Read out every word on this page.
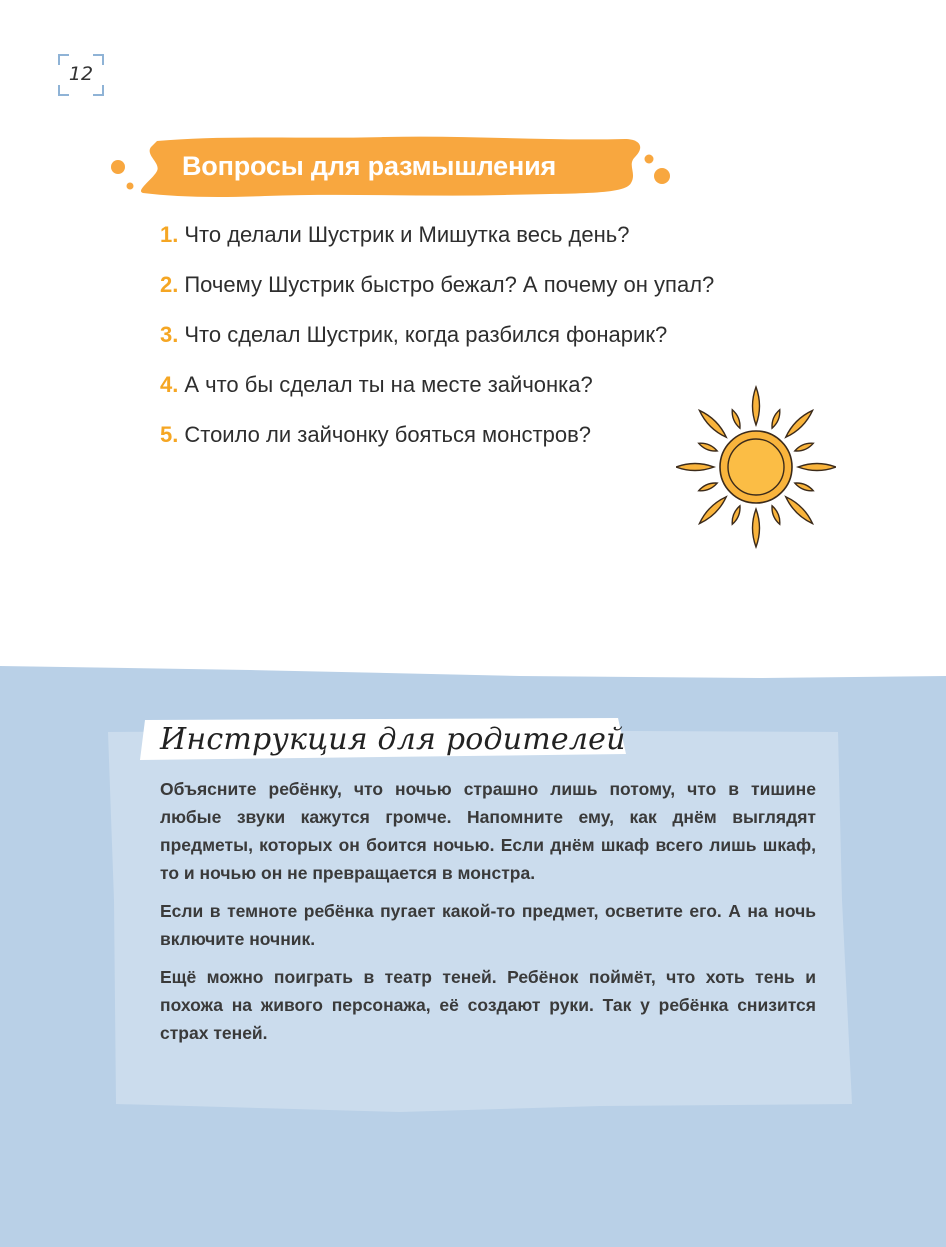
12
Вопросы для размышления
1. Что делали Шустрик и Мишутка весь день?
2. Почему Шустрик быстро бежал? А почему он упал?
3. Что сделал Шустрик, когда разбился фонарик?
4. А что бы сделал ты на месте зайчонка?
5. Стоило ли зайчонку бояться монстров?
Инструкция для родителей

Объясните ребёнку, что ночью страшно лишь потому, что в тишине любые звуки кажутся громче. Напомните ему, как днём выглядят предметы, которых он боится ночью. Если днём шкаф всего лишь шкаф, то и ночью он не превращается в монстра.

Если в темноте ребёнка пугает какой-то предмет, осветите его. А на ночь включите ночник.

Ещё можно поиграть в театр теней. Ребёнок поймёт, что хоть тень и похожа на живого персонажа, её создают руки. Так у ребёнка снизится страх теней.
